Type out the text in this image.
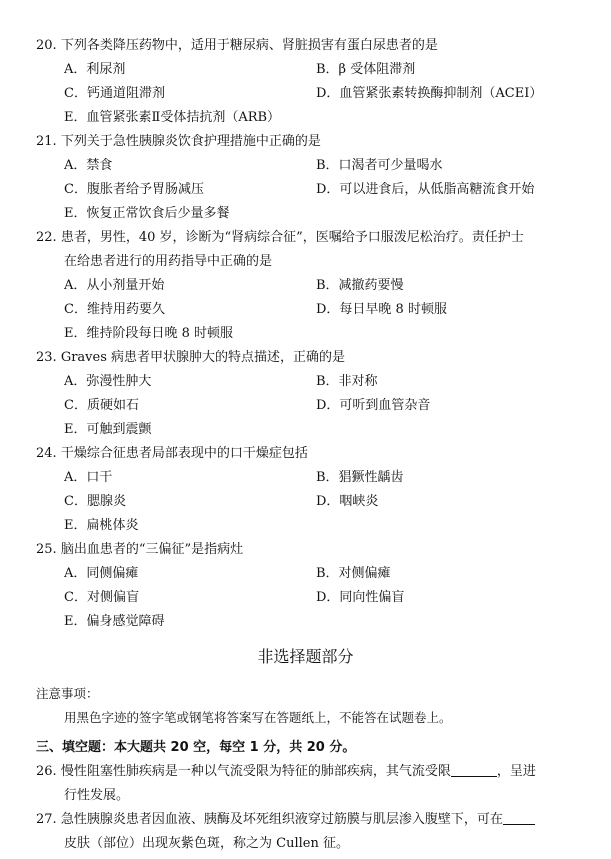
20. 下列各类降压药物中，适用于糖尿病、肾脏损害有蛋白尿患者的是
A．利尿剂	B．β 受体阻滞剂
C．钙通道阻滞剂	D．血管紧张素转换酶抑制剂（ACEI）
E．血管紧张素Ⅱ受体拮抗剂（ARB）
21. 下列关于急性胰腺炎饮食护理措施中正确的是
A．禁食	B．口渴者可少量喝水
C．腹胀者给予胃肠减压	D．可以进食后，从低脂高糖流食开始
E．恢复正常饮食后少量多餐
22. 患者，男性，40 岁，诊断为“肾病综合征”，医嘱给予口服泼尼松治疗。责任护士
在给患者进行的用药指导中正确的是
A．从小剂量开始	B．减撤药要慢
C．维持用药要久	D．每日早晚 8 时顿服
E．维持阶段每日晚 8 时顿服
23. Graves 病患者甲状腺肿大的特点描述，正确的是
A．弥漫性肿大	B．非对称
C．质硬如石	D．可听到血管杂音
E．可触到震颤
24. 干燥综合征患者局部表现中的口干燥症包括
A．口干	B．猖獗性龋齿
C．腮腺炎	D．咽峡炎
E．扁桃体炎
25. 脑出血患者的“三偏征”是指病灶
A．同侧偏瘫	B．对侧偏瘫
C．对侧偏盲	D．同向性偏盲
E．偏身感觉障碍
非选择题部分
注意事项：
用黑色字迹的签字笔或钢笔将答案写在答题纸上，不能答在试题卷上。
三、填空题：本大题共 20 空，每空 1 分，共 20 分。
26. 慢性阻塞性肺疾病是一种以气流受限为特征的肺部疾病，其气流受限	，呈进
行性发展。
27. 急性胰腺炎患者因血液、胰酶及坏死组织液穿过筋膜与肌层渗入腹壁下，可在
皮肤（部位）出现灰紫色斑，称之为 Cullen 征。
